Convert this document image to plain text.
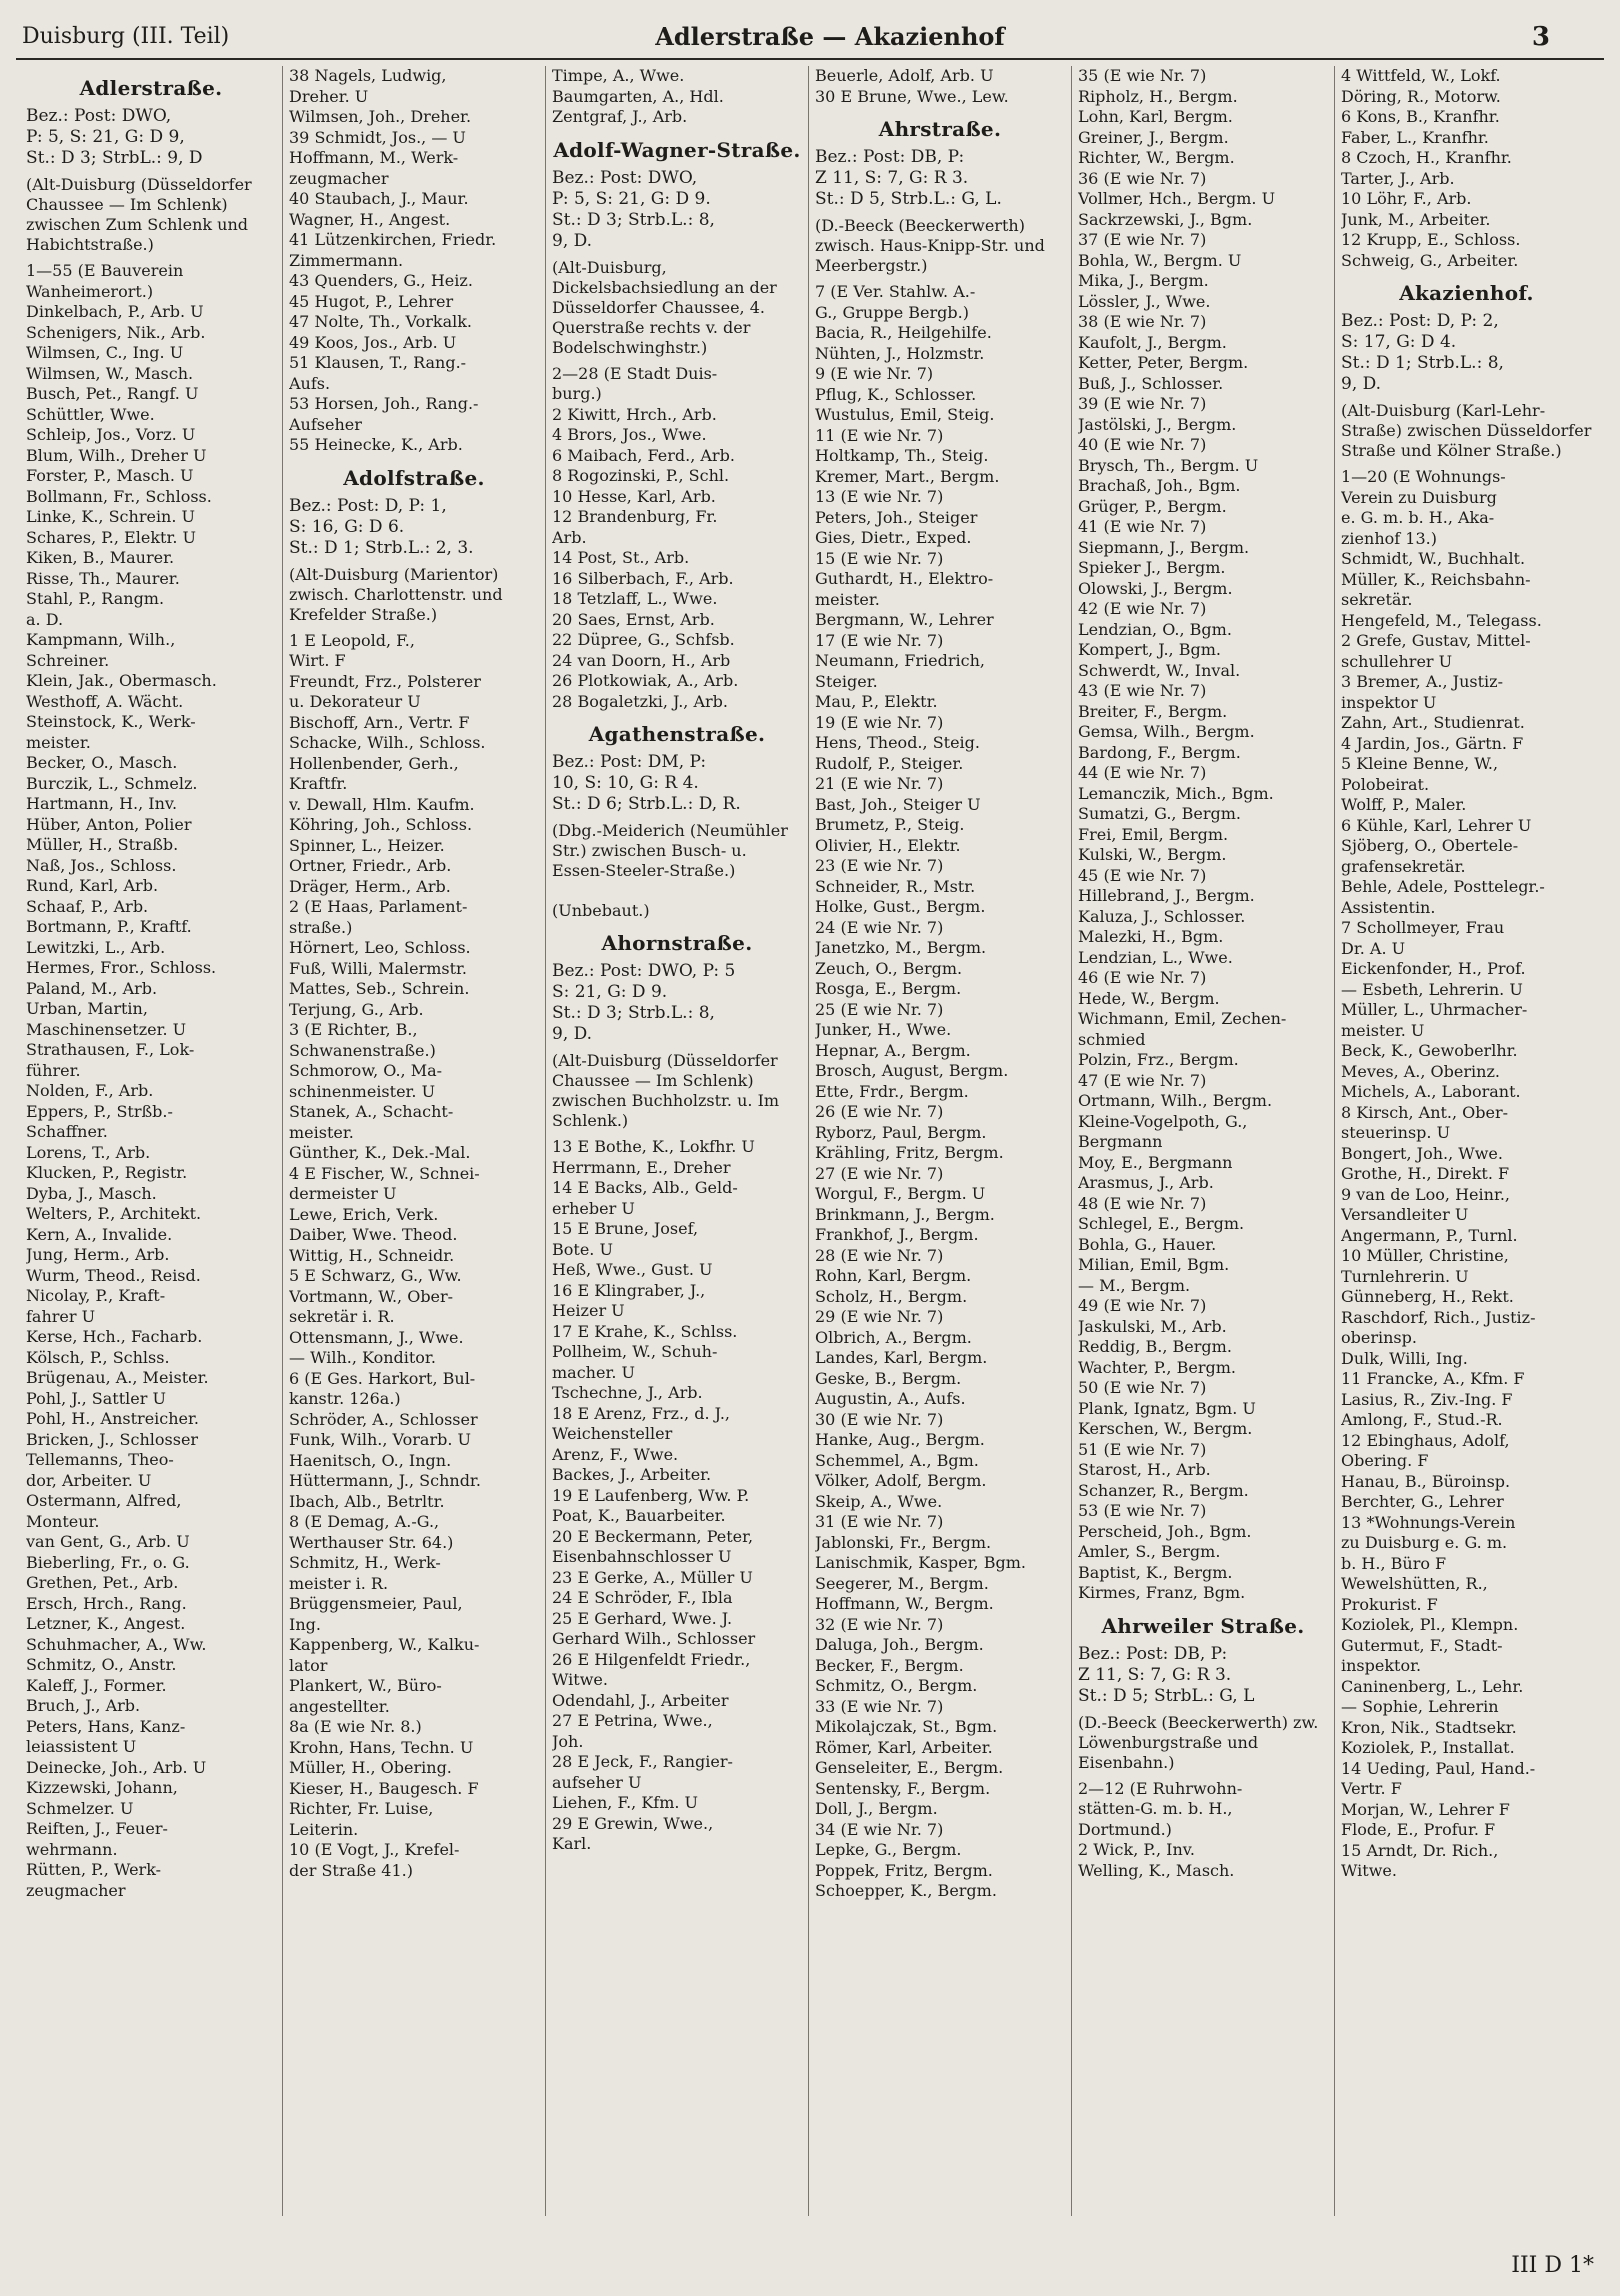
Duisburg (III. Teil)	Adlerstraße — Akazienhof	3
Adlerstraße.
Bez.: Post: DWO,
P: 5, S: 21, G: D 9,
St.: D 3; StrbL.: 9, D
(Alt-Duisburg (Düsseldorfer Chaussee — Im Schlenk) zwischen Zum Schlenk und Habichtstraße.)
1—55 (E Bauverein
Wanheimerort.)
Dinkelbach, P., Arb. U
Schenigers, Nik., Arb.
Wilmsen, C., Ing. U
Wilmsen, W., Masch.
Busch, Pet., Rangf. U
Schüttler, Wwe.
Schleip, Jos., Vorz. U
Blum, Wilh., Dreher U
Forster, P., Masch. U
Bollmann, Fr., Schloss.
Linke, K., Schrein. U
Schares, P., Elektr. U
Kiken, B., Maurer.
Risse, Th., Maurer.
Stahl, P., Rangm.
a. D.
Kampmann, Wilh.,
Schreiner.
Klein, Jak., Obermasch.
Westhoff, A. Wächt.
Steinstock, K., Werk-
meister.
Becker, O., Masch.
Burczik, L., Schmelz.
Hartmann, H., Inv.
Hüber, Anton, Polier
Müller, H., Straßb.
Naß, Jos., Schloss.
Rund, Karl, Arb.
Schaaf, P., Arb.
Bortmann, P., Kraftf.
Lewitzki, L., Arb.
Hermes, Fror., Schloss.
Paland, M., Arb.
Urban, Martin,
Maschinensetzer. U
Strathausen, F., Lok-
führer.
Nolden, F., Arb.
Eppers, P., Strßb.-
Schaffner.
Lorens, T., Arb.
Klucken, P., Registr.
Dyba, J., Masch.
Welters, P., Architekt.
Kern, A., Invalide.
Jung, Herm., Arb.
Wurm, Theod., Reisd.
Nicolay, P., Kraft-
fahrer U
Kerse, Hch., Facharb.
Kölsch, P., Schlss.
Brügenau, A., Meister.
Pohl, J., Sattler U
Pohl, H., Anstreicher.
Bricken, J., Schlosser
Tellemanns, Theo-
dor, Arbeiter. U
Ostermann, Alfred,
Monteur.
van Gent, G., Arb. U
Bieberling, Fr., o. G.
Grethen, Pet., Arb.
Ersch, Hrch., Rang.
Letzner, K., Angest.
Schuhmacher, A., Ww.
Schmitz, O., Anstr.
Kaleff, J., Former.
Bruch, J., Arb.
Peters, Hans, Kanz-
leiassistent U
Deinecke, Joh., Arb. U
Kizzewski, Johann,
Schmelzer. U
Reiften, J., Feuer-
wehrmann.
Rütten, P., Werk-
zeugmacher
38 Nagels, Ludwig,
Dreher. U
Wilmsen, Joh., Dreher.
39 Schmidt, Jos., — U
Hoffmann, M., Werk-
zeugmacher
40 Staubach, J., Maur.
Wagner, H., Angest.
41 Lützenkirchen, Friedr.
Zimmermann.
43 Quenders, G., Heiz.
45 Hugot, P., Lehrer
47 Nolte, Th., Vorkalk.
49 Koos, Jos., Arb. U
51 Klausen, T., Rang.-
Aufs.
53 Horsen, Joh., Rang.-
Aufseher
55 Heinecke, K., Arb.
Adolfstraße.
Bez.: Post: D, P: 1,
S: 16, G: D 6.
St.: D 1; Strb.L.: 2, 3.
(Alt-Duisburg (Marientor) zwisch. Charlottenstr. und Krefelder Straße.)
1 E Leopold, F.,
Wirt. F
Freundt, Frz., Polsterer
u. Dekorateur U
Bischoff, Arn., Vertr. F
Schacke, Wilh., Schloss.
Hollenbender, Gerh.,
Kraftfr.
v. Dewall, Hlm. Kaufm.
Köhring, Joh., Schloss.
Spinner, L., Heizer.
Ortner, Friedr., Arb.
Dräger, Herm., Arb.
2 (E Haas, Parlament-
straße.)
Hörnert, Leo, Schloss.
Fuß, Willi, Malermstr.
Mattes, Seb., Schrein.
Terjung, G., Arb.
3 (E Richter, B.,
Schwanenstraße.)
Schmorow, O., Ma-
schinenmeister. U
Stanek, A., Schacht-
meister.
Günther, K., Dek.-Mal.
4 E Fischer, W., Schnei-
dermeister U
Lewe, Erich, Verk.
Daiber, Wwe. Theod.
Wittig, H., Schneidr.
5 E Schwarz, G., Ww.
Vortmann, W., Ober-
sekretär i. R.
Ottensmann, J., Wwe.
— Wilh., Konditor.
6 (E Ges. Harkort, Bul-
kanstr. 126a.)
Schröder, A., Schlosser
Funk, Wilh., Vorarb. U
Haenitsch, O., Ingn.
Hüttermann, J., Schndr.
Ibach, Alb., Betrltr.
8 (E Demag, A.-G.,
Werthauser Str. 64.)
Schmitz, H., Werk-
meister i. R.
Brüggensmeier, Paul,
Ing.
Kappenberg, W., Kalku-
lator
Plankert, W., Büro-
angestellter.
8a (E wie Nr. 8.)
Krohn, Hans, Techn. U
Müller, H., Obering.
Kieser, H., Baugesch. F
Richter, Fr. Luise,
Leiterin.
10 (E Vogt, J., Krefel-
der Straße 41.)
Timpe, A., Wwe.
Baumgarten, A., Hdl.
Zentgraf, J., Arb.
Adolf-Wagner-Straße.
Bez.: Post: DWO,
P: 5, S: 21, G: D 9.
St.: D 3; Strb.L.: 8,
9, D.
(Alt-Duisburg, Dickelsbachsiedlung an der Düsseldorfer Chaussee, 4. Querstraße rechts v. der Bodelschwinghstr.)
2—28 (E Stadt Duis-
burg.)
2 Kiwitt, Hrch., Arb.
4 Brors, Jos., Wwe.
6 Maibach, Ferd., Arb.
8 Rogozinski, P., Schl.
10 Hesse, Karl, Arb.
12 Brandenburg, Fr.
Arb.
14 Post, St., Arb.
16 Silberbach, F., Arb.
18 Tetzlaff, L., Wwe.
20 Saes, Ernst, Arb.
22 Düpree, G., Schfsb.
24 van Doorn, H., Arb
26 Plotkowiak, A., Arb.
28 Bogaletzki, J., Arb.
Agathenstraße.
Bez.: Post: DM, P:
10, S: 10, G: R 4.
St.: D 6; Strb.L.: D, R.
(Dbg.-Meiderich (Neumühler Str.) zwischen Busch- u. Essen-Steeler-Straße.)

(Unbebaut.)
Ahornstraße.
Bez.: Post: DWO, P: 5
S: 21, G: D 9.
St.: D 3; Strb.L.: 8,
9, D.
(Alt-Duisburg (Düsseldorfer Chaussee — Im Schlenk) zwischen Buchholzstr. u. Im Schlenk.)
13 E Bothe, K., Lokfhr. U
Herrmann, E., Dreher
14 E Backs, Alb., Geld-
erheber U
15 E Brune, Josef,
Bote. U
Heß, Wwe., Gust. U
16 E Klingraber, J.,
Heizer U
17 E Krahe, K., Schlss.
Pollheim, W., Schuh-
macher. U
Tschechne, J., Arb.
18 E Arenz, Frz., d. J.,
Weichensteller
Arenz, F., Wwe.
Backes, J., Arbeiter.
19 E Laufenberg, Ww. P.
Poat, K., Bauarbeiter.
20 E Beckermann, Peter,
Eisenbahnschlosser U
23 E Gerke, A., Müller U
24 E Schröder, F., Ibla
25 E Gerhard, Wwe. J.
Gerhard Wilh., Schlosser
26 E Hilgenfeldt Friedr.,
Witwe.
Odendahl, J., Arbeiter
27 E Petrina, Wwe.,
Joh.
28 E Jeck, F., Rangier-
aufseher U
Liehen, F., Kfm. U
29 E Grewin, Wwe.,
Karl.
Beuerle, Adolf, Arb. U
30 E Brune, Wwe., Lew.
Ahrstraße.
Bez.: Post: DB, P:
Z 11, S: 7, G: R 3.
St.: D 5, Strb.L.: G, L.
(D.-Beeck (Beeckerwerth) zwisch. Haus-Knipp-Str. und Meerbergstr.)
7 (E Ver. Stahlw. A.-
G., Gruppe Bergb.)
Bacia, R., Heilgehilfe.
Nühten, J., Holzmstr.
9 (E wie Nr. 7)
Pflug, K., Schlosser.
Wustulus, Emil, Steig.
11 (E wie Nr. 7)
Holtkamp, Th., Steig.
Kremer, Mart., Bergm.
13 (E wie Nr. 7)
Peters, Joh., Steiger
Gies, Dietr., Exped.
15 (E wie Nr. 7)
Guthardt, H., Elektro-
meister.
Bergmann, W., Lehrer
17 (E wie Nr. 7)
Neumann, Friedrich,
Steiger.
Mau, P., Elektr.
19 (E wie Nr. 7)
Hens, Theod., Steig.
Rudolf, P., Steiger.
21 (E wie Nr. 7)
Bast, Joh., Steiger U
Brumetz, P., Steig.
Olivier, H., Elektr.
23 (E wie Nr. 7)
Schneider, R., Mstr.
Holke, Gust., Bergm.
24 (E wie Nr. 7)
Janetzko, M., Bergm.
Zeuch, O., Bergm.
Rosga, E., Bergm.
25 (E wie Nr. 7)
Junker, H., Wwe.
Hepnar, A., Bergm.
Brosch, August, Bergm.
Ette, Frdr., Bergm.
26 (E wie Nr. 7)
Ryborz, Paul, Bergm.
Krähling, Fritz, Bergm.
27 (E wie Nr. 7)
Worgul, F., Bergm. U
Brinkmann, J., Bergm.
Frankhof, J., Bergm.
28 (E wie Nr. 7)
Rohn, Karl, Bergm.
Scholz, H., Bergm.
29 (E wie Nr. 7)
Olbrich, A., Bergm.
Landes, Karl, Bergm.
Geske, B., Bergm.
Augustin, A., Aufs.
30 (E wie Nr. 7)
Hanke, Aug., Bergm.
Schemmel, A., Bgm.
Völker, Adolf, Bergm.
Skeip, A., Wwe.
31 (E wie Nr. 7)
Jablonski, Fr., Bergm.
Lanischmik, Kasper, Bgm.
Seegerer, M., Bergm.
Hoffmann, W., Bergm.
32 (E wie Nr. 7)
Daluga, Joh., Bergm.
Becker, F., Bergm.
Schmitz, O., Bergm.
33 (E wie Nr. 7)
Mikolajczak, St., Bgm.
Römer, Karl, Arbeiter.
Genseleiter, E., Bergm.
Sentensky, F., Bergm.
Doll, J., Bergm.
34 (E wie Nr. 7)
Lepke, G., Bergm.
Poppek, Fritz, Bergm.
Schoepper, K., Bergm.
35 (E wie Nr. 7)
Ripholz, H., Bergm.
Lohn, Karl, Bergm.
Greiner, J., Bergm.
Richter, W., Bergm.
36 (E wie Nr. 7)
Vollmer, Hch., Bergm. U
Sackrzewski, J., Bgm.
37 (E wie Nr. 7)
Bohla, W., Bergm. U
Mika, J., Bergm.
Lössler, J., Wwe.
38 (E wie Nr. 7)
Kaufolt, J., Bergm.
Ketter, Peter, Bergm.
Buß, J., Schlosser.
39 (E wie Nr. 7)
Jastölski, J., Bergm.
40 (E wie Nr. 7)
Brysch, Th., Bergm. U
Brachaß, Joh., Bgm.
Grüger, P., Bergm.
41 (E wie Nr. 7)
Siepmann, J., Bergm.
Spieker J., Bergm.
Olowski, J., Bergm.
42 (E wie Nr. 7)
Lendzian, O., Bgm.
Kompert, J., Bgm.
Schwerdt, W., Inval.
43 (E wie Nr. 7)
Breiter, F., Bergm.
Gemsa, Wilh., Bergm.
Bardong, F., Bergm.
44 (E wie Nr. 7)
Lemanczik, Mich., Bgm.
Sumatzi, G., Bergm.
Frei, Emil, Bergm.
Kulski, W., Bergm.
45 (E wie Nr. 7)
Hillebrand, J., Bergm.
Kaluza, J., Schlosser.
Malezki, H., Bgm.
Lendzian, L., Wwe.
46 (E wie Nr. 7)
Hede, W., Bergm.
Wichmann, Emil, Zechen-
schmied
Polzin, Frz., Bergm.
47 (E wie Nr. 7)
Ortmann, Wilh., Bergm.
Kleine-Vogelpoth, G.,
Bergmann
Moy, E., Bergmann
Arasmus, J., Arb.
48 (E wie Nr. 7)
Schlegel, E., Bergm.
Bohla, G., Hauer.
Milian, Emil, Bgm.
— M., Bergm.
49 (E wie Nr. 7)
Jaskulski, M., Arb.
Reddig, B., Bergm.
Wachter, P., Bergm.
50 (E wie Nr. 7)
Plank, Ignatz, Bgm. U
Kerschen, W., Bergm.
51 (E wie Nr. 7)
Starost, H., Arb.
Schanzer, R., Bergm.
53 (E wie Nr. 7)
Perscheid, Joh., Bgm.
Amler, S., Bergm.
Baptist, K., Bergm.
Kirmes, Franz, Bgm.
Ahrweiler Straße.
Bez.: Post: DB, P:
Z 11, S: 7, G: R 3.
St.: D 5; StrbL.: G, L
(D.-Beeck (Beeckerwerth) zw. Löwenburgstraße und Eisenbahn.)
2—12 (E Ruhrwohn-
stätten-G. m. b. H.,
Dortmund.)
2 Wick, P., Inv.
Welling, K., Masch.
4 Wittfeld, W., Lokf.
Döring, R., Motorw.
6 Kons, B., Kranfhr.
Faber, L., Kranfhr.
8 Czoch, H., Kranfhr.
Tarter, J., Arb.
10 Löhr, F., Arb.
Junk, M., Arbeiter.
12 Krupp, E., Schloss.
Schweig, G., Arbeiter.
Akazienhof.
Bez.: Post: D, P: 2,
S: 17, G: D 4.
St.: D 1; Strb.L.: 8,
9, D.
(Alt-Duisburg (Karl-Lehr-Straße) zwischen Düsseldorfer Straße und Kölner Straße.)
1—20 (E Wohnungs-
Verein zu Duisburg
e. G. m. b. H., Aka-
zienhof 13.)
Schmidt, W., Buchhalt.
Müller, K., Reichsbahn-
sekretär.
Hengefeld, M., Telegass.
2 Grefe, Gustav, Mittel-
schullehrer U
3 Bremer, A., Justiz-
inspektor U
Zahn, Art., Studienrat.
4 Jardin, Jos., Gärtn. F
5 Kleine Benne, W.,
Polobeirat.
Wolff, P., Maler.
6 Kühle, Karl, Lehrer U
Sjöberg, O., Obertele-
grafensekretär.
Behle, Adele, Posttelegr.-
Assistentin.
7 Schollmeyer, Frau
Dr. A. U
Eickenfonder, H., Prof.
— Esbeth, Lehrerin. U
Müller, L., Uhrmacher-
meister. U
Beck, K., Gewoberlhr.
Meves, A., Oberinz.
Michels, A., Laborant.
8 Kirsch, Ant., Ober-
steuerinsp. U
Bongert, Joh., Wwe.
Grothe, H., Direkt. F
9 van de Loo, Heinr.,
Versandleiter U
Angermann, P., Turnl.
10 Müller, Christine,
Turnlehrerin. U
Günneberg, H., Rekt.
Raschdorf, Rich., Justiz-
oberinsp.
Dulk, Willi, Ing.
11 Francke, A., Kfm. F
Lasius, R., Ziv.-Ing. F
Amlong, F., Stud.-R.
12 Ebinghaus, Adolf,
Obering. F
Hanau, B., Büroinsp.
Berchter, G., Lehrer
13 *Wohnungs-Verein
zu Duisburg e. G. m.
b. H., Büro F
Wewelshütten, R.,
Prokurist. F
Koziolek, Pl., Klempn.
Gutermut, F., Stadt-
inspektor.
Caninenberg, L., Lehr.
— Sophie, Lehrerin
Kron, Nik., Stadtsekr.
Koziolek, P., Installat.
14 Ueding, Paul, Hand.-
Vertr. F
Morjan, W., Lehrer F
Flode, E., Profur. F
15 Arndt, Dr. Rich.,
Witwe.
III D 1*
